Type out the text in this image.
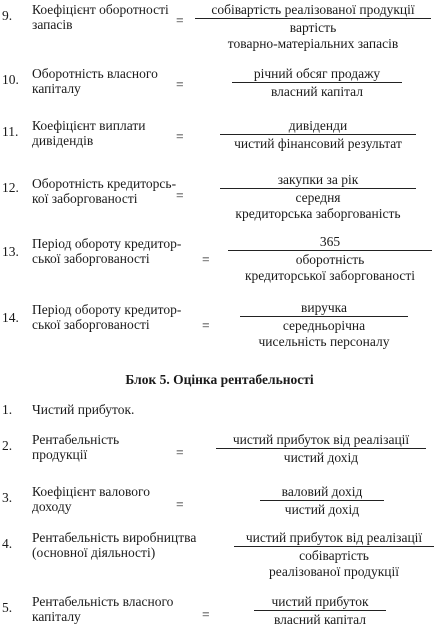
9. Коефіцієнт оборотності
запасів	=
собівартість реалізованої продукції
вартість
товарно-матеріальних запасів
10. Оборотність власного
капіталу	=
річний обсяг продажу
власний капітал
11. Коефіцієнт виплати
дивідендів	=
дивіденди
чистий фінансовий результат
12. Оборотність кредиторсь-
кої заборгованості	=
закупки за рік
середня
кредиторська заборгованість
13.
Період обороту кредитор-
ської заборгованості	=
365
оборотність
кредиторської заборгованості
14.
Період обороту кредитор-
ської заборгованості	=
виручка
середньорічна
чисельність персоналу
Блок 5. Оцінка рентабельності
1. Чистий прибуток.
2. Рентабельність
продукції	=
чистий прибуток від реалізації
чистий дохід
3. Коефіцієнт валового
доходу	=
валовий дохід
чистий дохід
4. Рентабельність виробництва
(основної діяльності)
чистий прибуток від реалізації
собівартість
реалізованої продукції
5. Рентабельність власного
капіталу	=
чистий прибуток
власний капітал
